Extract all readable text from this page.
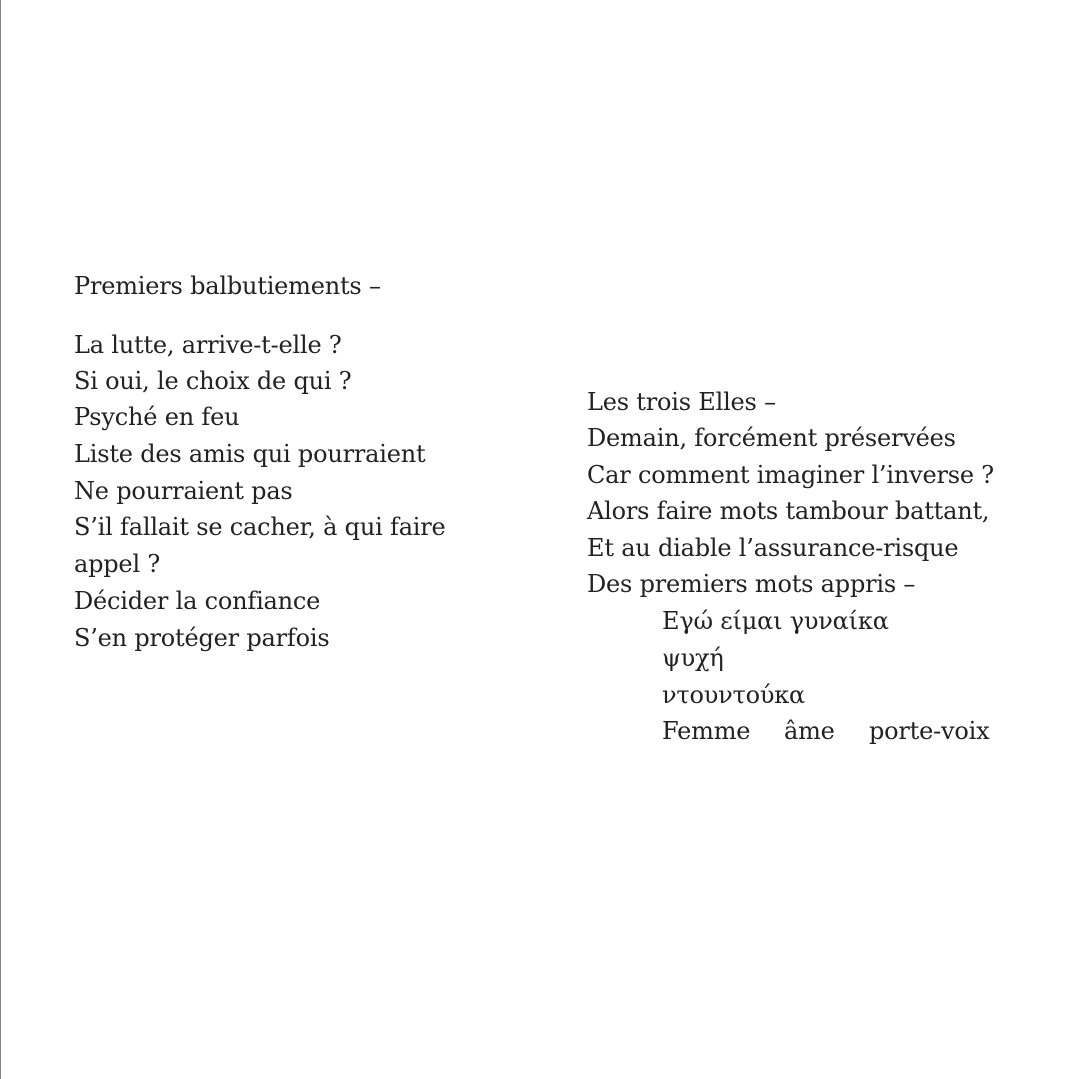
Premiers balbutiements –
La lutte, arrive-t-elle ?
Si oui, le choix de qui ?
Psyché en feu
Liste des amis qui pourraient
Ne pourraient pas
S’il fallait se cacher, à qui faire
appel ?
Décider la confiance
S’en protéger parfois
Les trois Elles –
Demain, forcément préservées
Car comment imaginer l’inverse ?
Alors faire mots tambour battant,
Et au diable l’assurance-risque
Des premiers mots appris –
Εγώ είμαι γυναίκα
ψυχή
ντουντούκα
Femme âme porte-voix
